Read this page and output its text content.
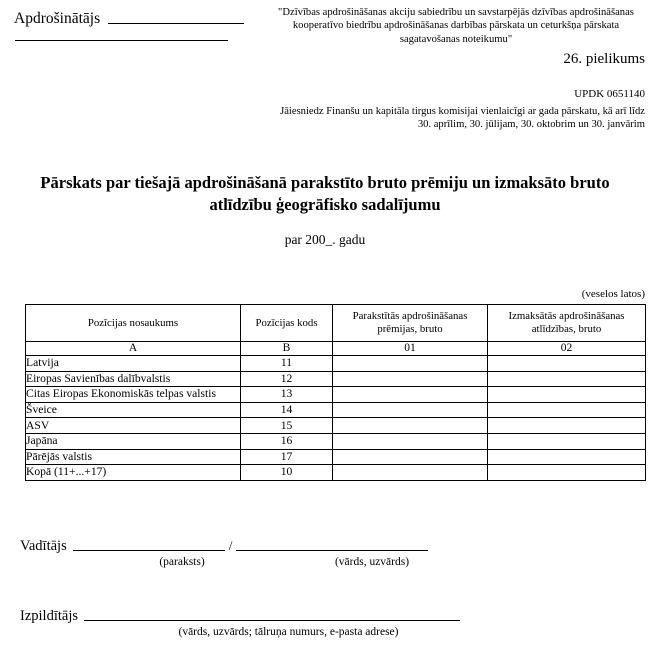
Apdrošinātājs	"Dzīvības apdrošināšanas akciju sabiedrību un savstarpējās dzīvības apdrošināšanas kooperatīvo biedrību apdrošināšanas darbības pārskata un ceturkšņa pārskata sagatavošanas noteikumu"
26. pielikums
UPDK 0651140
Jāiesniedz Finanšu un kapitāla tirgus komisijai vienlaicīgi ar gada pārskatu, kā arī līdz 30. aprīlim, 30. jūlijam, 30. oktobrim un 30. janvārim
Pārskats par tiešajā apdrošināšanā parakstīto bruto prēmiju un izmaksāto bruto atlīdzību ģeogrāfisko sadalījumu
par 200_. gadu
(veselos latos)
Pozīcijas nosaukums	Pozīcijas kods	Parakstītās apdrošināšanas prēmijas, bruto	Izmaksātās apdrošināšanas atlīdzības, bruto
A	B	01	02
Latvija	11		
Eiropas Savienības dalībvalstis	12		
Citas Eiropas Ekonomiskās telpas valstis	13		
Šveice	14		
ASV	15		
Japāna	16		
Pārējās valstis	17		
Kopā (11+...+17)	10		
Vadītājs	/
(paraksts)	(vārds, uzvārds)
Izpildītājs
(vārds, uzvārds; tālruņa numurs, e-pasta adrese)
